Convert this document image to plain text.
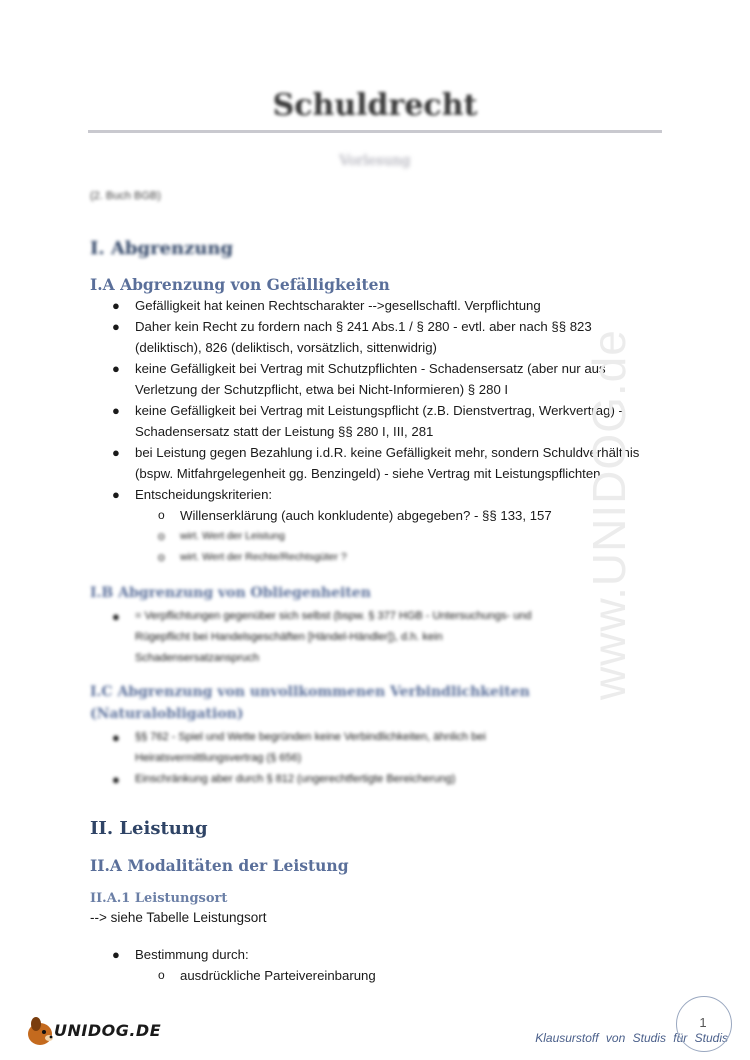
Schuldrecht
Vorlesung
(2. Buch BGB)
I. Abgrenzung
I.A Abgrenzung von Gefälligkeiten
● Gefälligkeit hat keinen Rechtscharakter -->gesellschaftl. Verpflichtung
● Daher kein Recht zu fordern nach § 241 Abs.1 / § 280 - evtl. aber nach §§ 823
(deliktisch), 826 (deliktisch, vorsätzlich, sittenwidrig)
● keine Gefälligkeit bei Vertrag mit Schutzpflichten - Schadensersatz (aber nur aus
Verletzung der Schutzpflicht, etwa bei Nicht-Informieren) § 280 I
● keine Gefälligkeit bei Vertrag mit Leistungspflicht (z.B. Dienstvertrag, Werkvertrag) -
Schadensersatz statt der Leistung §§ 280 I, III, 281
● bei Leistung gegen Bezahlung i.d.R. keine Gefälligkeit mehr, sondern Schuldverhältnis
(bspw. Mitfahrgelegenheit gg. Benzingeld) - siehe Vertrag mit Leistungspflichten
● Entscheidungskriterien:
o Willenserklärung (auch konkludente) abgegeben? - §§ 133, 157
o wirt. Wert der Leistung
o wirt. Wert der Rechte/Rechtsgüter ?
I.B Abgrenzung von Obliegenheiten
● = Verpflichtungen gegenüber sich selbst (bspw. § 377 HGB - Untersuchungs- und
Rügepflicht bei Handelsgeschäften [Händel-Händler]), d.h. kein
Schadensersatzanspruch
I.C Abgrenzung von unvollkommenen Verbindlichkeiten
(Naturalobligation)
● §§ 762 - Spiel und Wette begründen keine Verbindlichkeiten, ähnlich bei
Heiratsvermittlungsvertrag (§ 656)
● Einschränkung aber durch § 812 (ungerechtfertigte Bereicherung)
II. Leistung
II.A Modalitäten der Leistung
II.A.1 Leistungsort
--> siehe Tabelle Leistungsort
● Bestimmung durch:
o ausdrückliche Parteivereinbarung
www.UNIDOG.de
UNIDOG.DE	Klausurstoff von Studis für Studis
1
